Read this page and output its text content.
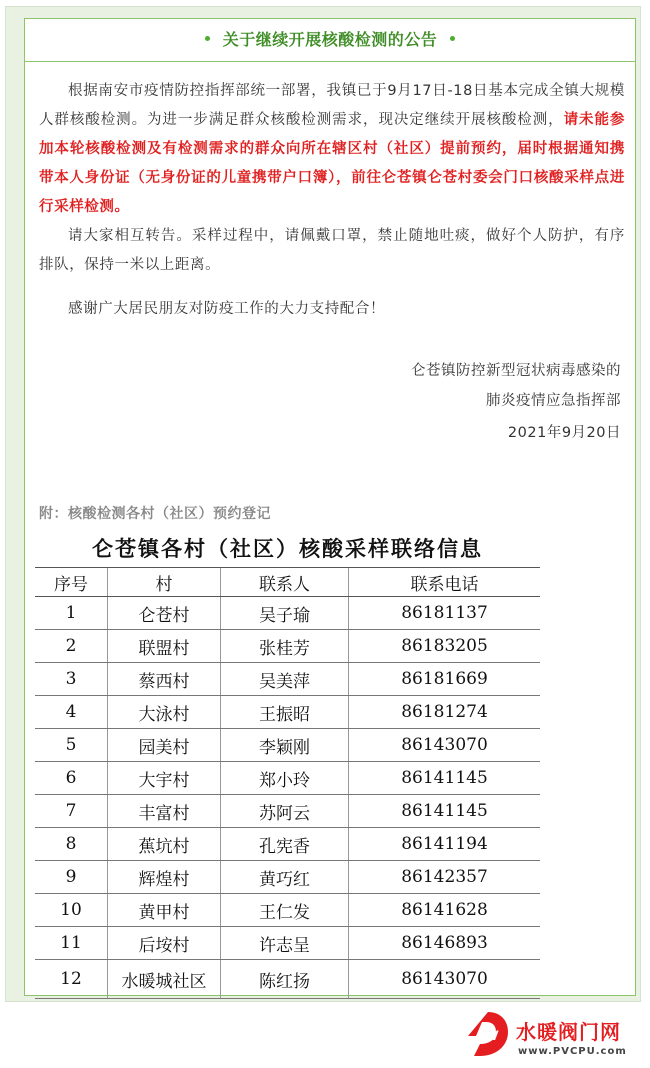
关于继续开展核酸检测的公告
根据南安市疫情防控指挥部统一部署，我镇已于9月17日-18日基本完成全镇大规模人群核酸检测。为进一步满足群众核酸检测需求，现决定继续开展核酸检测，请未能参加本轮核酸检测及有检测需求的群众向所在辖区村（社区）提前预约，届时根据通知携带本人身份证（无身份证的儿童携带户口簿），前往仑苍镇仑苍村委会门口核酸采样点进行采样检测。
请大家相互转告。采样过程中，请佩戴口罩，禁止随地吐痰，做好个人防护，有序排队，保持一米以上距离。
感谢广大居民朋友对防疫工作的大力支持配合！
仑苍镇防控新型冠状病毒感染的
肺炎疫情应急指挥部
2021年9月20日
附：核酸检测各村（社区）预约登记
仑苍镇各村（社区）核酸采样联络信息
序号	村	联系人	联系电话
1	仑苍村	吴子瑜	86181137
2	联盟村	张桂芳	86183205
3	蔡西村	吴美萍	86181669
4	大泳村	王振昭	86181274
5	园美村	李颖刚	86143070
6	大宇村	郑小玲	86141145
7	丰富村	苏阿云	86141145
8	蕉坑村	孔宪香	86141194
9	辉煌村	黄巧红	86142357
10	黄甲村	王仁发	86141628
11	后垵村	许志呈	86146893
12	水暖城社区	陈红扬	86143070
PV 水暖阀门网
www.PVCPU.com
